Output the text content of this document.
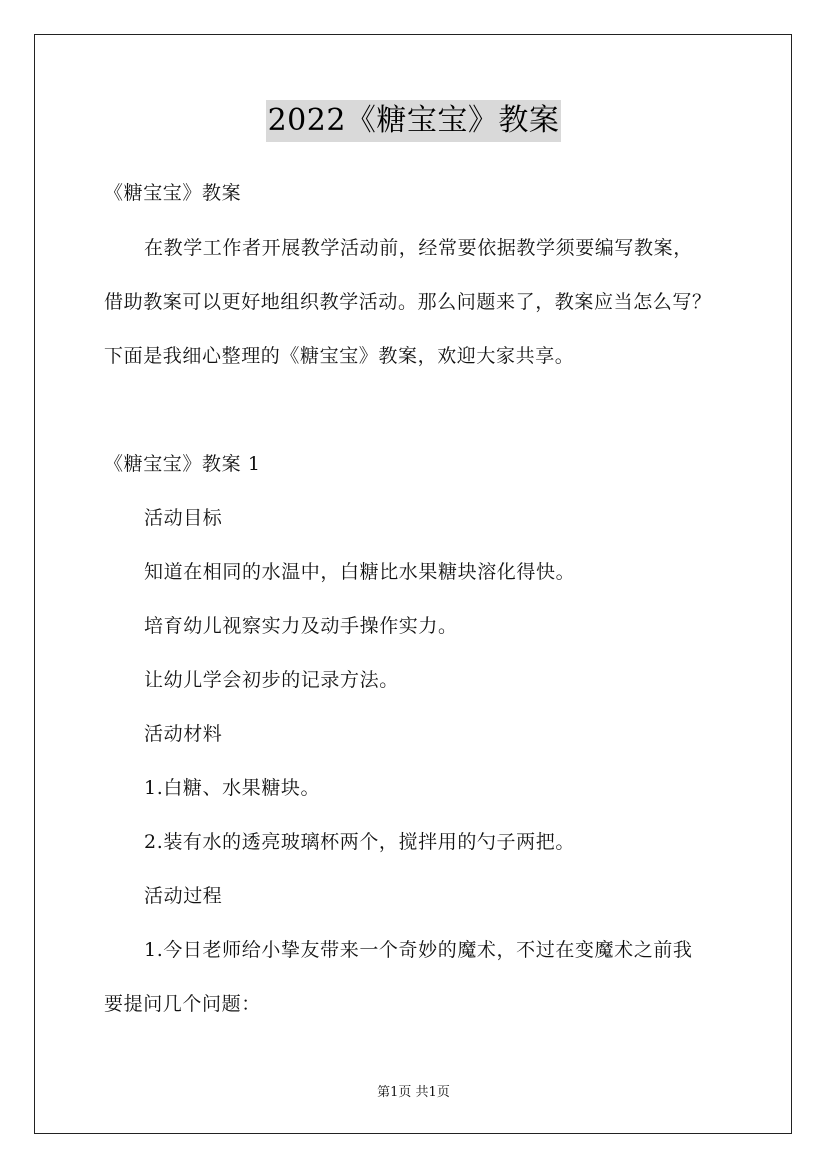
2022《糖宝宝》教案
《糖宝宝》教案
在教学工作者开展教学活动前，经常要依据教学须要编写教案，
借助教案可以更好地组织教学活动。那么问题来了，教案应当怎么写？
下面是我细心整理的《糖宝宝》教案，欢迎大家共享。
《糖宝宝》教案 1
活动目标
知道在相同的水温中，白糖比水果糖块溶化得快。
培育幼儿视察实力及动手操作实力。
让幼儿学会初步的记录方法。
活动材料
1.白糖、水果糖块。
2.装有水的透亮玻璃杯两个，搅拌用的勺子两把。
活动过程
1.今日老师给小挚友带来一个奇妙的魔术，不过在变魔术之前我
要提问几个问题：
第1页 共1页
